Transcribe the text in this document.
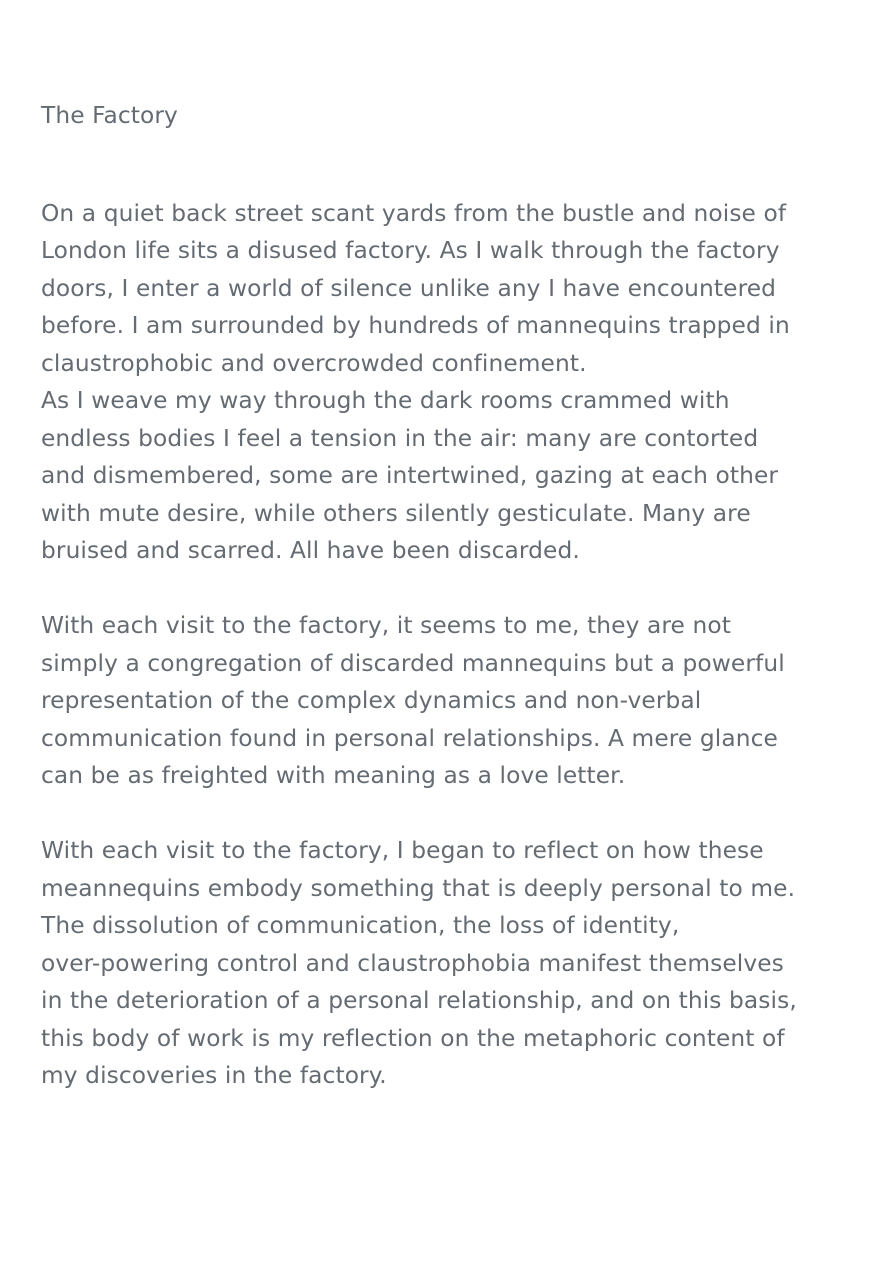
The Factory

On a quiet back street scant yards from the bustle and noise of
London life sits a disused factory. As I walk through the factory
doors, I enter a world of silence unlike any I have encountered
before. I am surrounded by hundreds of mannequins trapped in
claustrophobic and overcrowded confinement.

As I weave my way through the dark rooms crammed with
endless bodies I feel a tension in the air: many are contorted
and dismembered, some are intertwined, gazing at each other
with mute desire, while others silently gesticulate. Many are
bruised and scarred. All have been discarded.

With each visit to the factory, it seems to me, they are not
simply a congregation of discarded mannequins but a powerful
representation of the complex dynamics and non-verbal
communication found in personal relationships. A mere glance
can be as freighted with meaning as a love letter.

With each visit to the factory, I began to reflect on how these
meannequins embody something that is deeply personal to me.
The dissolution of communication, the loss of identity,
over-powering control and claustrophobia manifest themselves
in the deterioration of a personal relationship, and on this basis,
this body of work is my reflection on the metaphoric content of
my discoveries in the factory.
